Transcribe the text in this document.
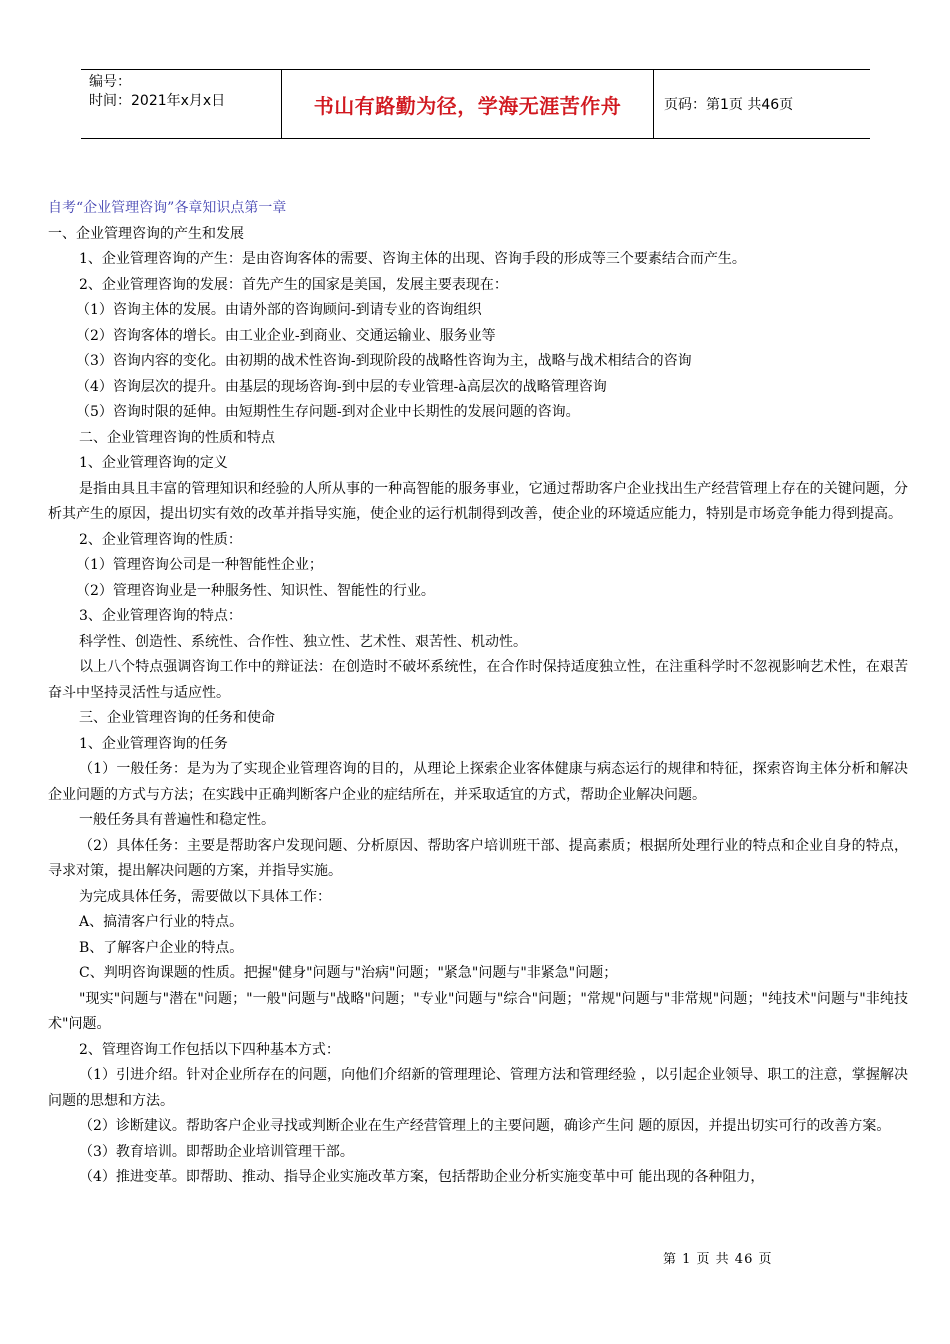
编号：
时间：2021年x月x日	书山有路勤为径，学海无涯苦作舟	页码：第1页 共46页

自考“企业管理咨询”各章知识点第一章

一、企业管理咨询的产生和发展

1、企业管理咨询的产生：是由咨询客体的需要、咨询主体的出现、咨询手段的形成等三个要素结合而产生。

2、企业管理咨询的发展：首先产生的国家是美国，发展主要表现在：

（1）咨询主体的发展。由请外部的咨询顾问-到请专业的咨询组织

（2）咨询客体的增长。由工业企业-到商业、交通运输业、服务业等

（3）咨询内容的变化。由初期的战术性咨询-到现阶段的战略性咨询为主，战略与战术相结合的咨询

（4）咨询层次的提升。由基层的现场咨询-到中层的专业管理-à高层次的战略管理咨询

（5）咨询时限的延伸。由短期性生存问题-到对企业中长期性的发展问题的咨询。

二、企业管理咨询的性质和特点

1、企业管理咨询的定义

是指由具且丰富的管理知识和经验的人所从事的一种高智能的服务事业，它通过帮助客户企业找出生产经营管理上存在的关键问题，分析其产生的原因，提出切实有效的改革并指导实施，使企业的运行机制得到改善，使企业的环境适应能力，特别是市场竞争能力得到提高。

2、企业管理咨询的性质：

（1）管理咨询公司是一种智能性企业；

（2）管理咨询业是一种服务性、知识性、智能性的行业。

3、企业管理咨询的特点：

科学性、创造性、系统性、合作性、独立性、艺术性、艰苦性、机动性。

以上八个特点强调咨询工作中的辩证法：在创造时不破坏系统性，在合作时保持适度独立性，在注重科学时不忽视影响艺术性，在艰苦奋斗中坚持灵活性与适应性。

三、企业管理咨询的任务和使命

1、企业管理咨询的任务

（1）一般任务：是为为了实现企业管理咨询的目的，从理论上探索企业客体健康与病态运行的规律和特征，探索咨询主体分析和解决企业问题的方式与方法；在实践中正确判断客户企业的症结所在，并采取适宜的方式，帮助企业解决问题。

一般任务具有普遍性和稳定性。

（2）具体任务：主要是帮助客户发现问题、分析原因、帮助客户培训班干部、提高素质；根据所处理行业的特点和企业自身的特点，寻求对策，提出解决问题的方案，并指导实施。

为完成具体任务，需要做以下具体工作：

A、搞清客户行业的特点。

B、了解客户企业的特点。

C、判明咨询课题的性质。把握"健身"问题与"治病"问题；"紧急"问题与"非紧急"问题；

"现实"问题与"潜在"问题；"一般"问题与"战略"问题；"专业"问题与"综合"问题；"常规"问题与"非常规"问题；"纯技术"问题与"非纯技术"问题。

2、管理咨询工作包括以下四种基本方式：

（1）引进介绍。针对企业所存在的问题，向他们介绍新的管理理论、管理方法和管理经验 ，以引起企业领导、职工的注意，掌握解决问题的思想和方法。

（2）诊断建议。帮助客户企业寻找或判断企业在生产经营管理上的主要问题，确诊产生问 题的原因，并提出切实可行的改善方案。

（3）教育培训。即帮助企业培训管理干部。

（4）推进变革。即帮助、推动、指导企业实施改革方案，包括帮助企业分析实施变革中可 能出现的各种阻力，

第 1 页 共 46 页
